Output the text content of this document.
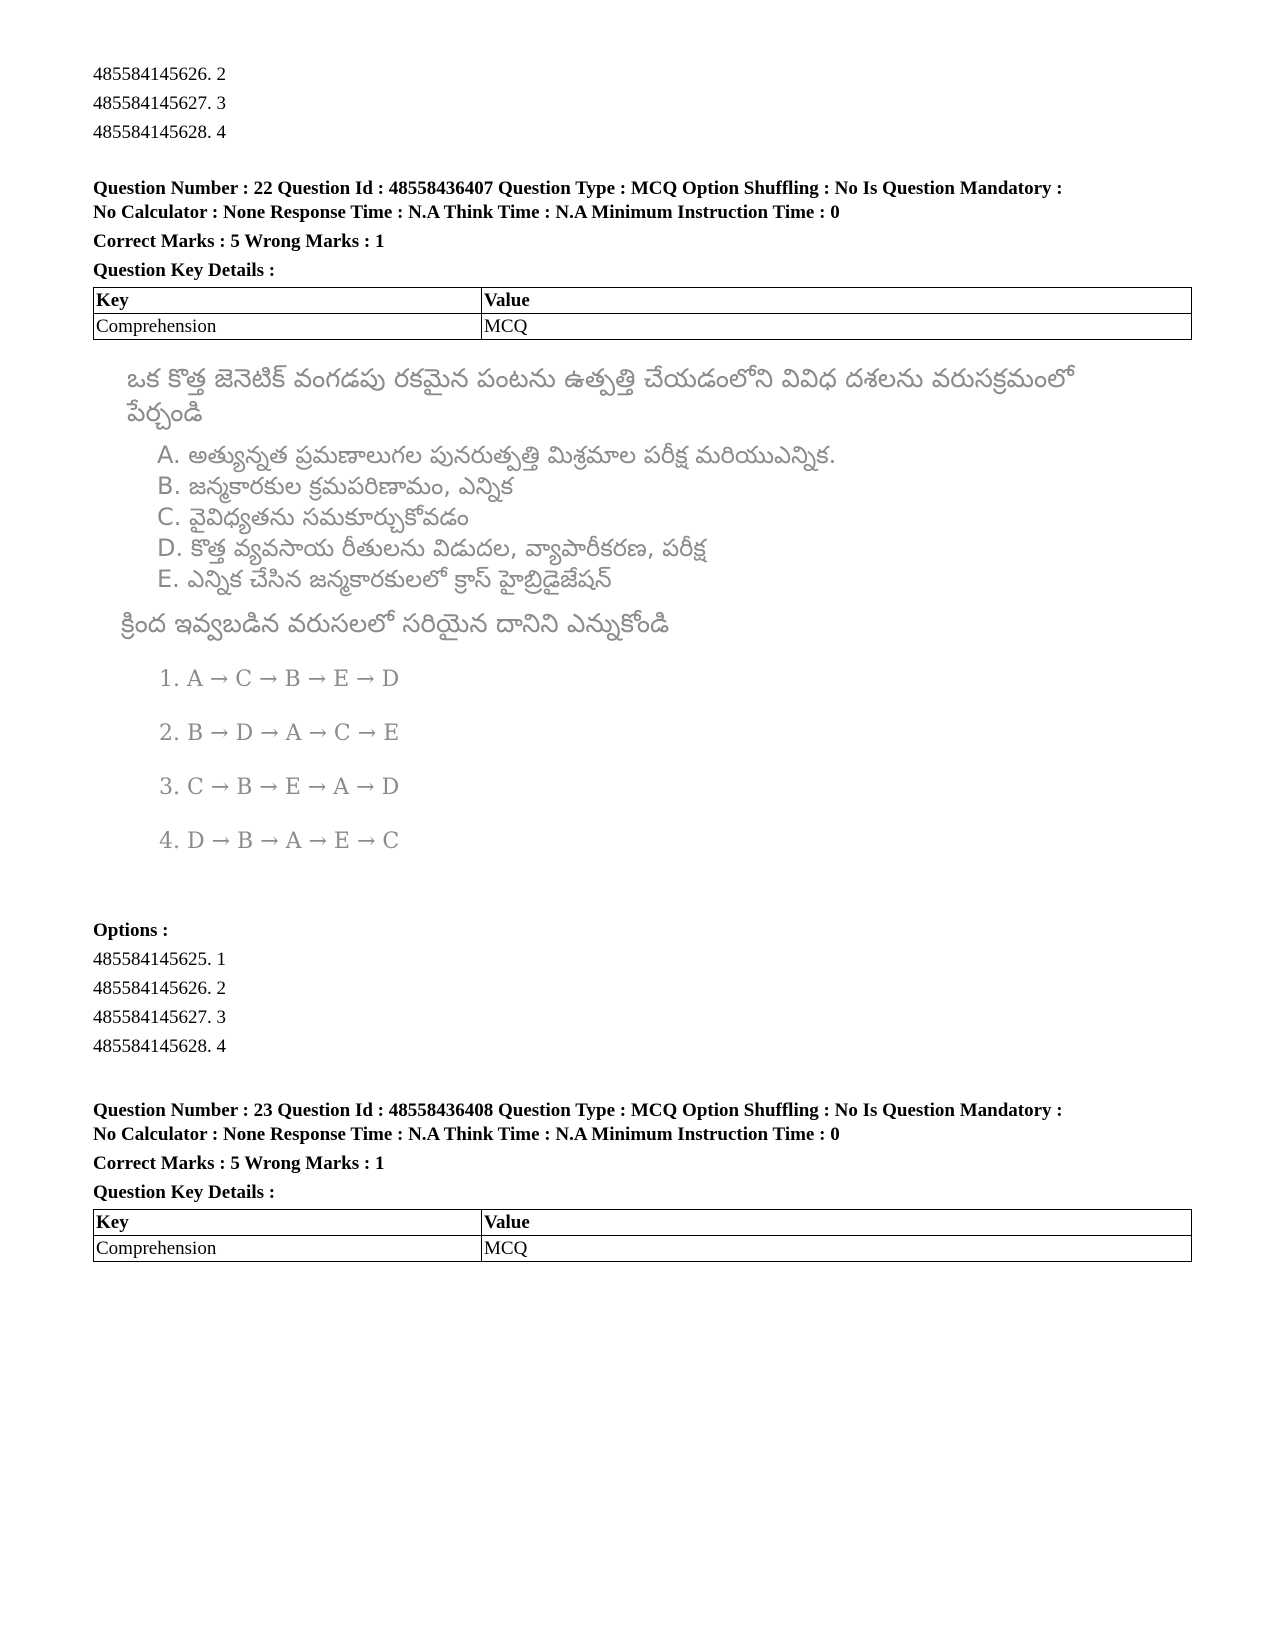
485584145626. 2
485584145627. 3
485584145628. 4
Question Number : 22 Question Id : 48558436407 Question Type : MCQ Option Shuffling : No Is Question Mandatory :
No Calculator : None Response Time : N.A Think Time : N.A Minimum Instruction Time : 0
Correct Marks : 5 Wrong Marks : 1
Question Key Details :
Key	Value
Comprehension	MCQ
ఒక కొత్త జెనెటిక్ వంగడపు రకమైన పంటను ఉత్పత్తి చేయడంలోని వివిధ దశలను వరుసక్రమంలో పేర్చండి
A. అత్యున్నత ప్రమణాలుగల పునరుత్పత్తి మిశ్రమాల పరీక్ష మరియుఎన్నిక.
B. జన్మకారకుల క్రమపరిణామం, ఎన్నిక
C. వైవిధ్యతను సమకూర్చుకోవడం
D. కొత్త వ్యవసాయ రీతులను విడుదల, వ్యాపారీకరణ, పరీక్ష
E. ఎన్నిక చేసిన జన్మకారకులలో క్రాస్ హైబ్రిడైజేషన్
క్రింద ఇవ్వబడిన వరుసలలో సరియైన దానిని ఎన్నుకోండి
1. A → C → B → E → D
2. B → D → A → C → E
3. C → B → E → A → D
4. D → B → A → E → C
Options :
485584145625. 1
485584145626. 2
485584145627. 3
485584145628. 4
Question Number : 23 Question Id : 48558436408 Question Type : MCQ Option Shuffling : No Is Question Mandatory :
No Calculator : None Response Time : N.A Think Time : N.A Minimum Instruction Time : 0
Correct Marks : 5 Wrong Marks : 1
Question Key Details :
Key	Value
Comprehension	MCQ
